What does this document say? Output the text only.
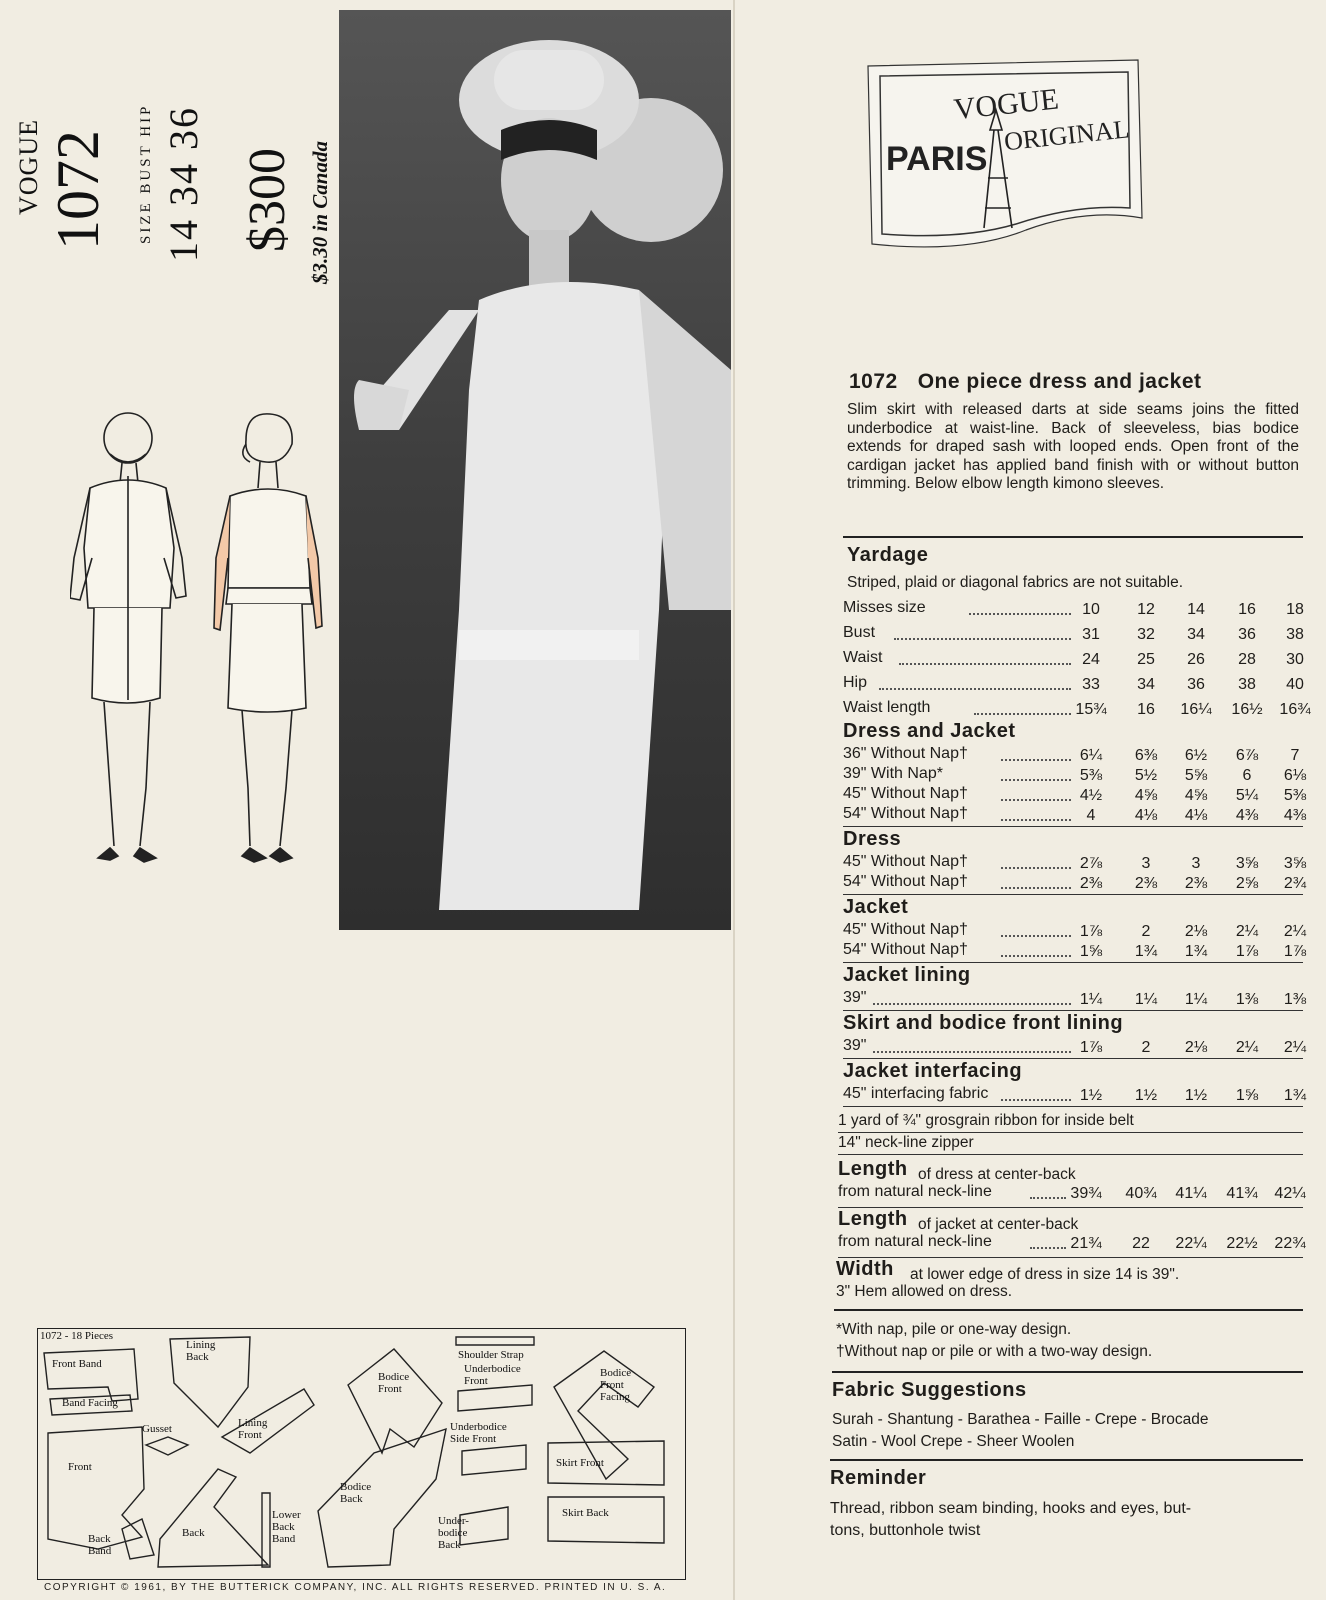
VOGUE 1072 SIZE BUST HIP 14 34 36 $300 $3.30 in Canada
VOGUE
PARIS
ORIGINAL
1072 One piece dress and jacket
Slim skirt with released darts at side seams joins the fitted underbodice at waist-line. Back of sleeveless, bias bodice extends for draped sash with looped ends. Open front of the cardigan jacket has applied band finish with or without button trimming. Below elbow length kimono sleeves.
Yardage
Striped, plaid or diagonal fabrics are not suitable.
Misses size	10	12	14	16	18
Bust	31	32	34	36	38
Waist	24	25	26	28	30
Hip	33	34	36	38	40
Waist length	15¾	16	16¼ 16½ 16¾
Dress and Jacket
36" Without Nap†	6¼	6⅜	6½	6⅞	7
39" With Nap*	5⅜	5½	5⅝	6	6⅛
45" Without Nap†	4½	4⅝	4⅝	5¼	5⅜
54" Without Nap†	4	4⅛	4⅛	4⅜	4⅜
Dress
45" Without Nap†	2⅞	3	3	3⅝	3⅝
54" Without Nap†	2⅜	2⅜	2⅜	2⅝	2¾
Jacket
45" Without Nap†	1⅞	2	2⅛	2¼	2¼
54" Without Nap†	1⅝	1¾	1¾	1⅞	1⅞
Jacket lining
39"	1¼	1¼	1¼	1⅜	1⅜
Skirt and bodice front lining
39"	1⅞	2	2⅛	2¼	2¼
Jacket interfacing
45" interfacing fabric	1½	1½	1½	1⅝	1¾
1 yard of ¾" grosgrain ribbon for inside belt
14" neck-line zipper
Length of dress at center-back
from natural neck-line	39¾ 40¾ 41¼ 41¾ 42¼
Length of jacket at center-back
from natural neck-line	21¾	22	22¼ 22½ 22¾
Width at lower edge of dress in size 14 is 39".
3" Hem allowed on dress.
*With nap, pile or one-way design.
†Without nap or pile or with a two-way design.
Fabric Suggestions
Surah - Shantung - Barathea - Faille - Crepe - Brocade
Satin - Wool Crepe - Sheer Woolen
Reminder
Thread, ribbon seam binding, hooks and eyes, but-
tons, buttonhole twist
1072 - 18 Pieces
Front Band
Band Facing
Front
Back Band
Lining Back
Gusset
Back
Lower Back Band
Lining Front
Bodice Front
Bodice Back
Shoulder Strap
Underbodice Front
Underbodice Side Front
Under-bodice Back
Bodice Front Facing
Skirt Front
Skirt Back
COPYRIGHT © 1961, BY THE BUTTERICK COMPANY, INC. ALL RIGHTS RESERVED. PRINTED IN U. S. A.
